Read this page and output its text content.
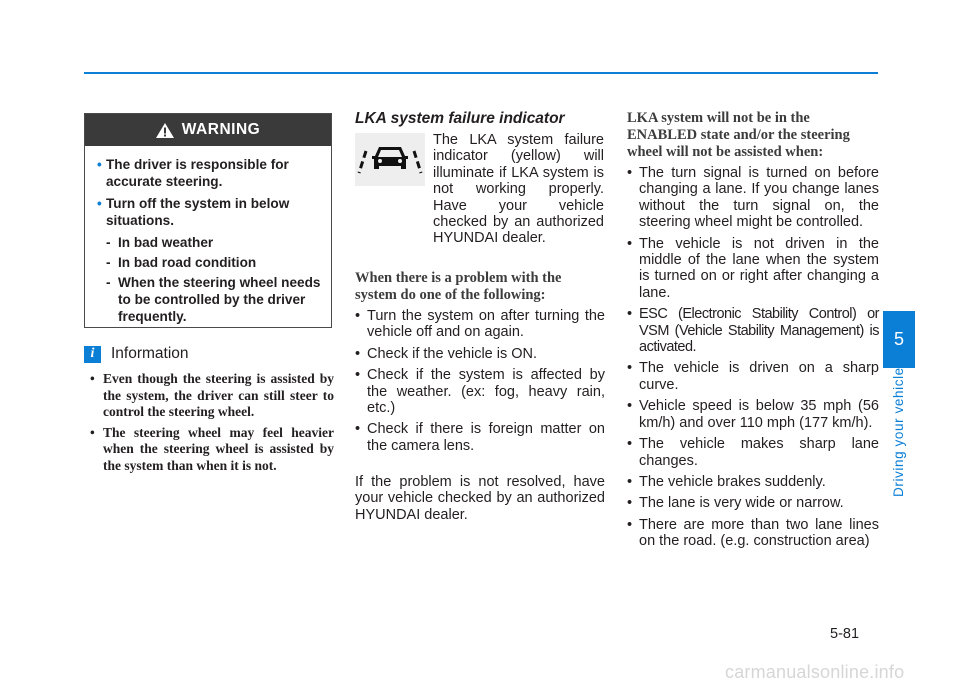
WARNING
• The driver is responsible for accurate steering.
• Turn off the system in below situations.
- In bad weather
- In bad road condition
- When the steering wheel needs to be controlled by the driver frequently.
i	Information
• Even though the steering is assisted by the system, the driver can still steer to control the steering wheel.
• The steering wheel may feel heavier when the steering wheel is assisted by the system than when it is not.
LKA system failure indicator
The LKA system failure indicator (yellow) will illuminate if LKA system is not working properly. Have your vehicle checked by an authorized HYUNDAI dealer.
When there is a problem with the system do one of the following:
• Turn the system on after turning the vehicle off and on again.
• Check if the vehicle is ON.
• Check if the system is affected by the weather. (ex: fog, heavy rain, etc.)
• Check if there is foreign matter on the camera lens.
If the problem is not resolved, have your vehicle checked by an authorized HYUNDAI dealer.
LKA system will not be in the ENABLED state and/or the steering wheel will not be assisted when:
• The turn signal is turned on before changing a lane. If you change lanes without the turn signal on, the steering wheel might be controlled.
• The vehicle is not driven in the middle of the lane when the system is turned on or right after changing a lane.
• ESC (Electronic Stability Control) or VSM (Vehicle Stability Management) is activated.
• The vehicle is driven on a sharp curve.
• Vehicle speed is below 35 mph (56 km/h) and over 110 mph (177 km/h).
• The vehicle makes sharp lane changes.
• The vehicle brakes suddenly.
• The lane is very wide or narrow.
• There are more than two lane lines on the road. (e.g. construction area)
5
Driving your vehicle
5-81
carmanualsonline.info
